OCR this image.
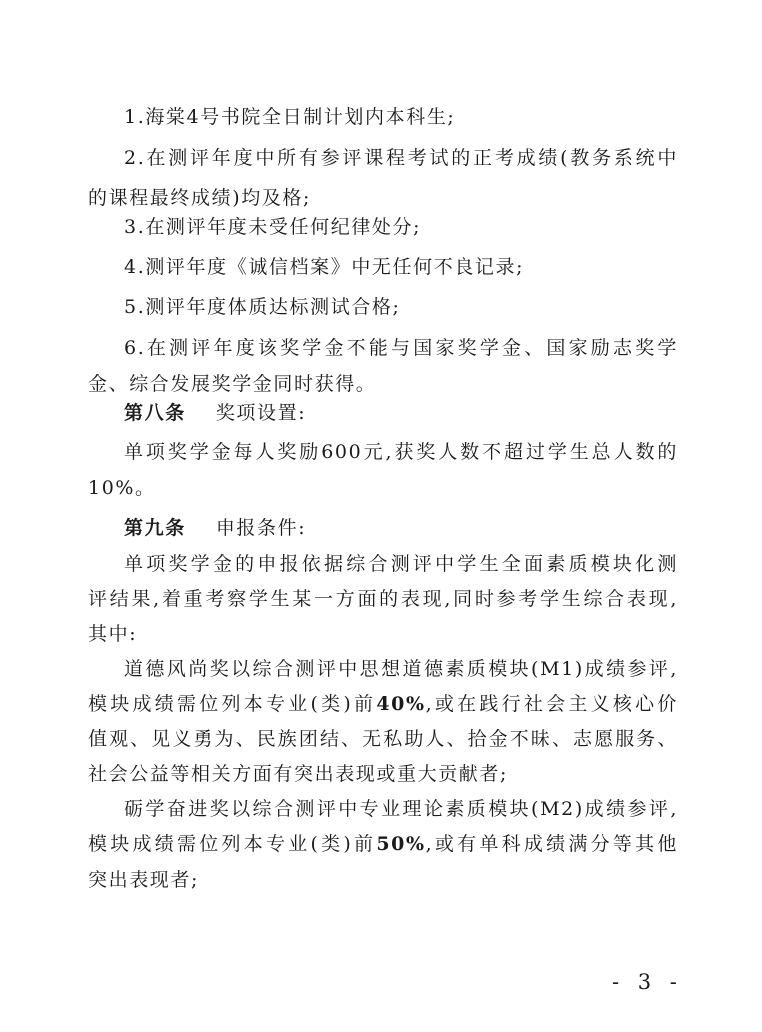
1.海棠4号书院全日制计划内本科生;
2.在测评年度中所有参评课程考试的正考成绩(教务系统中
的课程最终成绩)均及格;
3.在测评年度未受任何纪律处分;
4.测评年度《诚信档案》中无任何不良记录;
5.测评年度体质达标测试合格;
6.在测评年度该奖学金不能与国家奖学金、国家励志奖学
金、综合发展奖学金同时获得。
第八条 奖项设置:
单项奖学金每人奖励600元,获奖人数不超过学生总人数的
10%。
第九条 申报条件:
单项奖学金的申报依据综合测评中学生全面素质模块化测
评结果,着重考察学生某一方面的表现,同时参考学生综合表现,
其中:
道德风尚奖以综合测评中思想道德素质模块(M1)成绩参评,
模块成绩需位列本专业(类)前40%,或在践行社会主义核心价
值观、见义勇为、民族团结、无私助人、拾金不昧、志愿服务、
社会公益等相关方面有突出表现或重大贡献者;
砺学奋进奖以综合测评中专业理论素质模块(M2)成绩参评,
模块成绩需位列本专业(类)前50%,或有单科成绩满分等其他
突出表现者;
- 3 -
